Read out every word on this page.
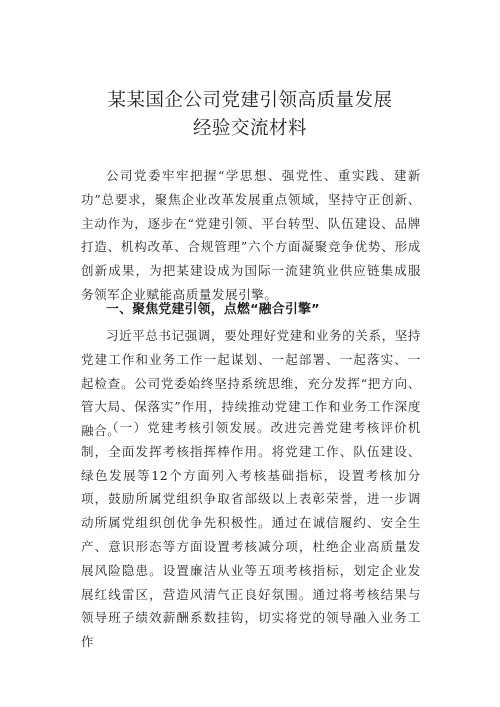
某某国企公司党建引领高质量发展
经验交流材料

公司党委牢牢把握“学思想、强党性、重实践、建新功”总要求，聚焦企业改革发展重点领域，坚持守正创新、主动作为，逐步在“党建引领、平台转型、队伍建设、品牌打造、机构改革、合规管理”六个方面凝聚竞争优势、形成创新成果，为把某建设成为国际一流建筑业供应链集成服务领军企业赋能高质量发展引擎。

一、聚焦党建引领，点燃“融合引擎”

习近平总书记强调，要处理好党建和业务的关系，坚持党建工作和业务工作一起谋划、一起部署、一起落实、一起检查。公司党委始终坚持系统思维，充分发挥“把方向、管大局、保落实”作用，持续推动党建工作和业务工作深度融合。

（一）党建考核引领发展。改进完善党建考核评价机制，全面发挥考核指挥棒作用。将党建工作、队伍建设、绿色发展等12个方面列入考核基础指标，设置考核加分项，鼓励所属党组织争取省部级以上表彰荣誉，进一步调动所属党组织创优争先积极性。通过在诚信履约、安全生产、意识形态等方面设置考核减分项，杜绝企业高质量发展风险隐患。设置廉洁从业等五项考核指标，划定企业发展红线雷区，营造风清气正良好氛围。通过将考核结果与领导班子绩效薪酬系数挂钩，切实将党的领导融入业务工作
